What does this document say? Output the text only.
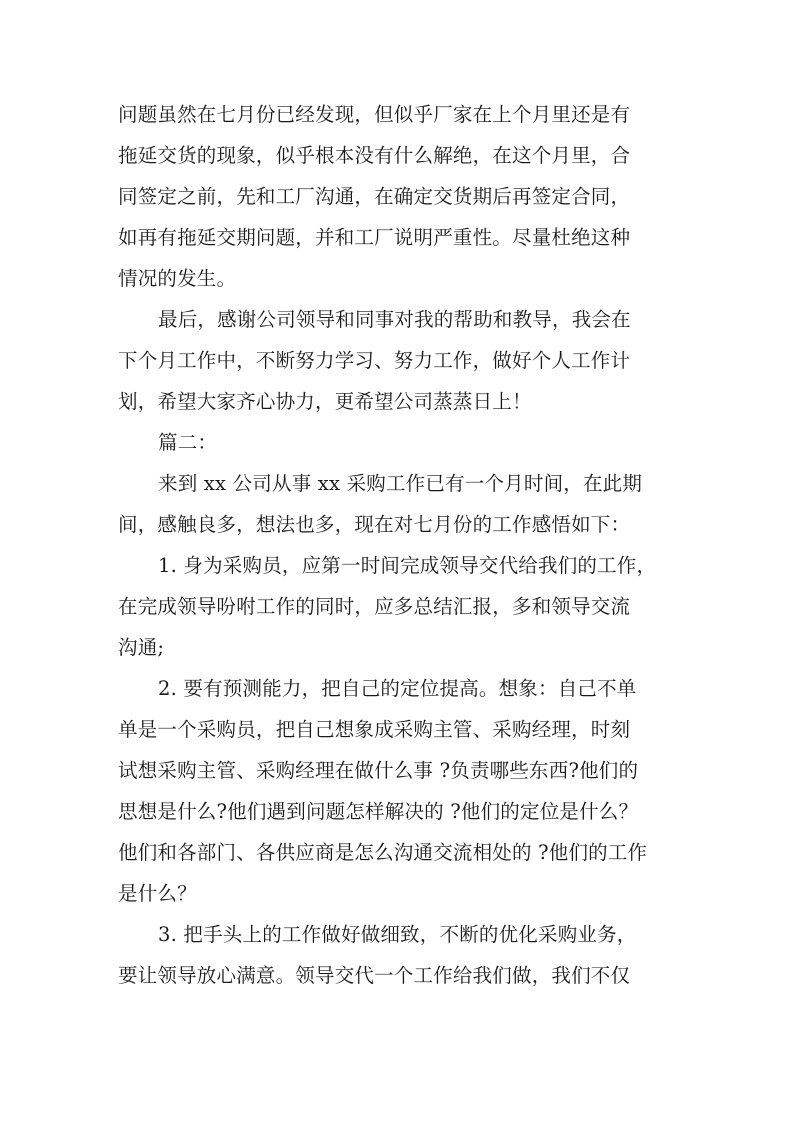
问题虽然在七月份已经发现，但似乎厂家在上个月里还是有
拖延交货的现象，似乎根本没有什么解绝，在这个月里，合
同签定之前，先和工厂沟通，在确定交货期后再签定合同，
如再有拖延交期问题，并和工厂说明严重性。尽量杜绝这种
情况的发生。
最后，感谢公司领导和同事对我的帮助和教导，我会在
下个月工作中，不断努力学习、努力工作，做好个人工作计
划，希望大家齐心协力，更希望公司蒸蒸日上！
篇二：
来到 xx 公司从事 xx 采购工作已有一个月时间，在此期
间，感触良多，想法也多，现在对七月份的工作感悟如下：
1. 身为采购员，应第一时间完成领导交代给我们的工作，
在完成领导吩咐工作的同时，应多总结汇报，多和领导交流
沟通;
2. 要有预测能力，把自己的定位提高。想象：自己不单
单是一个采购员，把自己想象成采购主管、采购经理，时刻
试想采购主管、采购经理在做什么事 ?负责哪些东西?他们的
思想是什么?他们遇到问题怎样解决的 ?他们的定位是什么？
他们和各部门、各供应商是怎么沟通交流相处的 ?他们的工作
是什么？
3. 把手头上的工作做好做细致，不断的优化采购业务，
要让领导放心满意。领导交代一个工作给我们做，我们不仅
